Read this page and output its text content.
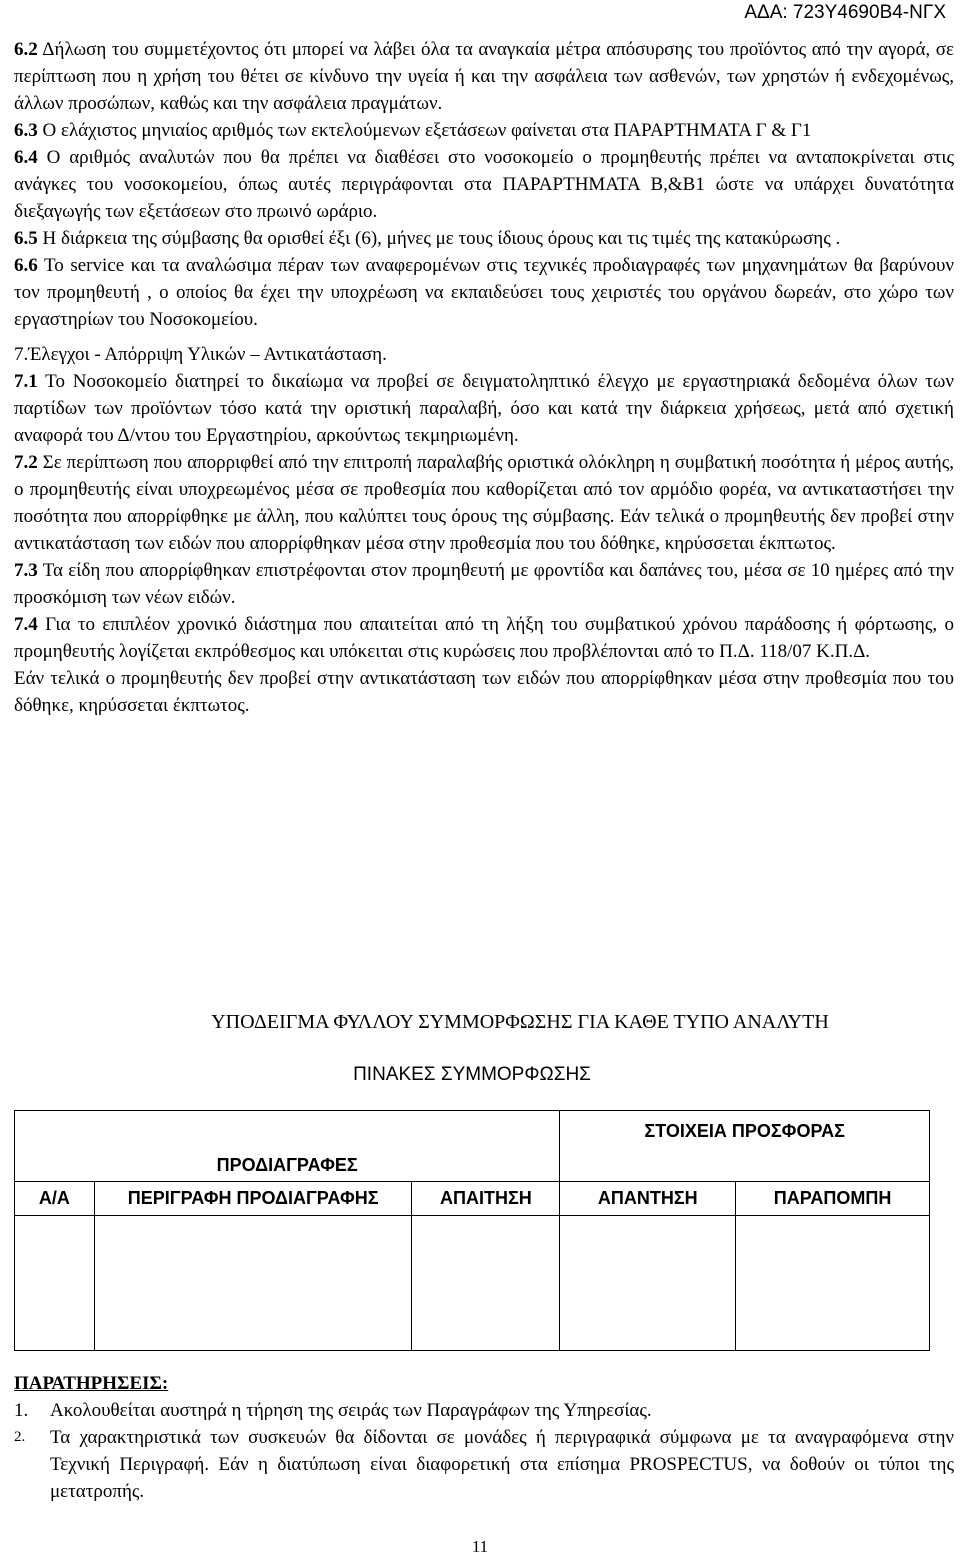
ΑΔΑ: 723Υ4690Β4-ΝΓΧ

6.2 Δήλωση του συμμετέχοντος ότι μπορεί να λάβει όλα τα αναγκαία μέτρα απόσυρσης του προϊόντος από την αγορά, σε περίπτωση που η χρήση του θέτει σε κίνδυνο την υγεία ή και την ασφάλεια των ασθενών, των χρηστών ή ενδεχομένως, άλλων προσώπων, καθώς και την ασφάλεια πραγμάτων.

6.3 Ο ελάχιστος μηνιαίος αριθμός των εκτελούμενων εξετάσεων φαίνεται στα ΠΑΡΑΡΤΗΜΑΤΑ Γ & Γ1

6.4 Ο αριθμός αναλυτών που θα πρέπει να διαθέσει στο νοσοκομείο ο προμηθευτής πρέπει να ανταποκρίνεται στις ανάγκες του νοσοκομείου, όπως αυτές περιγράφονται στα ΠΑΡΑΡΤΗΜΑΤΑ Β,&Β1 ώστε να υπάρχει δυνατότητα διεξαγωγής των εξετάσεων στο πρωινό ωράριο.

6.5 Η διάρκεια της σύμβασης θα ορισθεί έξι (6), μήνες με τους ίδιους όρους και τις τιμές της κατακύρωσης .

6.6 Το service και τα αναλώσιμα πέραν των αναφερομένων στις τεχνικές προδιαγραφές των μηχανημάτων θα βαρύνουν τον προμηθευτή , ο οποίος θα έχει την υποχρέωση να εκπαιδεύσει τους χειριστές του οργάνου δωρεάν, στο χώρο των εργαστηρίων του Νοσοκομείου.

7.Έλεγχοι - Απόρριψη Υλικών – Αντικατάσταση.

7.1 Το Νοσοκομείο διατηρεί το δικαίωμα να προβεί σε δειγματοληπτικό έλεγχο με εργαστηριακά δεδομένα όλων των παρτίδων των προϊόντων τόσο κατά την οριστική παραλαβή, όσο και κατά την διάρκεια χρήσεως, μετά από σχετική αναφορά του Δ/ντου του Εργαστηρίου, αρκούντως τεκμηριωμένη.

7.2 Σε περίπτωση που απορριφθεί από την επιτροπή παραλαβής οριστικά ολόκληρη η συμβατική ποσότητα ή μέρος αυτής, ο προμηθευτής είναι υποχρεωμένος μέσα σε προθεσμία που καθορίζεται από τον αρμόδιο φορέα, να αντικαταστήσει την ποσότητα που απορρίφθηκε με άλλη, που καλύπτει τους όρους της σύμβασης. Εάν τελικά ο προμηθευτής δεν προβεί στην αντικατάσταση των ειδών που απορρίφθηκαν μέσα στην προθεσμία που του δόθηκε, κηρύσσεται έκπτωτος.

7.3 Τα είδη που απορρίφθηκαν επιστρέφονται στον προμηθευτή με φροντίδα και δαπάνες του, μέσα σε 10 ημέρες από την προσκόμιση των νέων ειδών.

7.4 Για το επιπλέον χρονικό διάστημα που απαιτείται από τη λήξη του συμβατικού χρόνου παράδοσης ή φόρτωσης, ο προμηθευτής λογίζεται εκπρόθεσμος και υπόκειται στις κυρώσεις που προβλέπονται από το Π.Δ. 118/07 Κ.Π.Δ.

Εάν τελικά ο προμηθευτής δεν προβεί στην αντικατάσταση των ειδών που απορρίφθηκαν μέσα στην προθεσμία που του δόθηκε, κηρύσσεται έκπτωτος.

ΥΠΟΔΕΙΓΜΑ ΦΥΛΛΟΥ ΣΥΜΜΟΡΦΩΣΗΣ ΓΙΑ ΚΑΘΕ ΤΥΠΟ ΑΝΑΛΥΤΗ
ΠΙΝΑΚΕΣ ΣΥΜΜΟΡΦΩΣΗΣ
ΠΡΟΔΙΑΓΡΑΦΕΣ			ΣΤΟΙΧΕΙΑ ΠΡΟΣΦΟΡΑΣ	
Α/Α	ΠΕΡΙΓΡΑΦΗ ΠΡΟΔΙΑΓΡΑΦΗΣ	ΑΠΑΙΤΗΣΗ	ΑΠΑΝΤΗΣΗ	ΠΑΡΑΠΟΜΠΗ

ΠΑΡΑΤΗΡΗΣΕΙΣ:
1.	Ακολουθείται αυστηρά η τήρηση της σειράς των Παραγράφων της Υπηρεσίας.
2.	Τα χαρακτηριστικά των συσκευών θα δίδονται σε μονάδες ή περιγραφικά σύμφωνα με τα αναγραφόμενα στην Τεχνική Περιγραφή. Εάν η διατύπωση είναι διαφορετική στα επίσημα PROSPECTUS, να δοθούν οι τύποι της μετατροπής.
11
